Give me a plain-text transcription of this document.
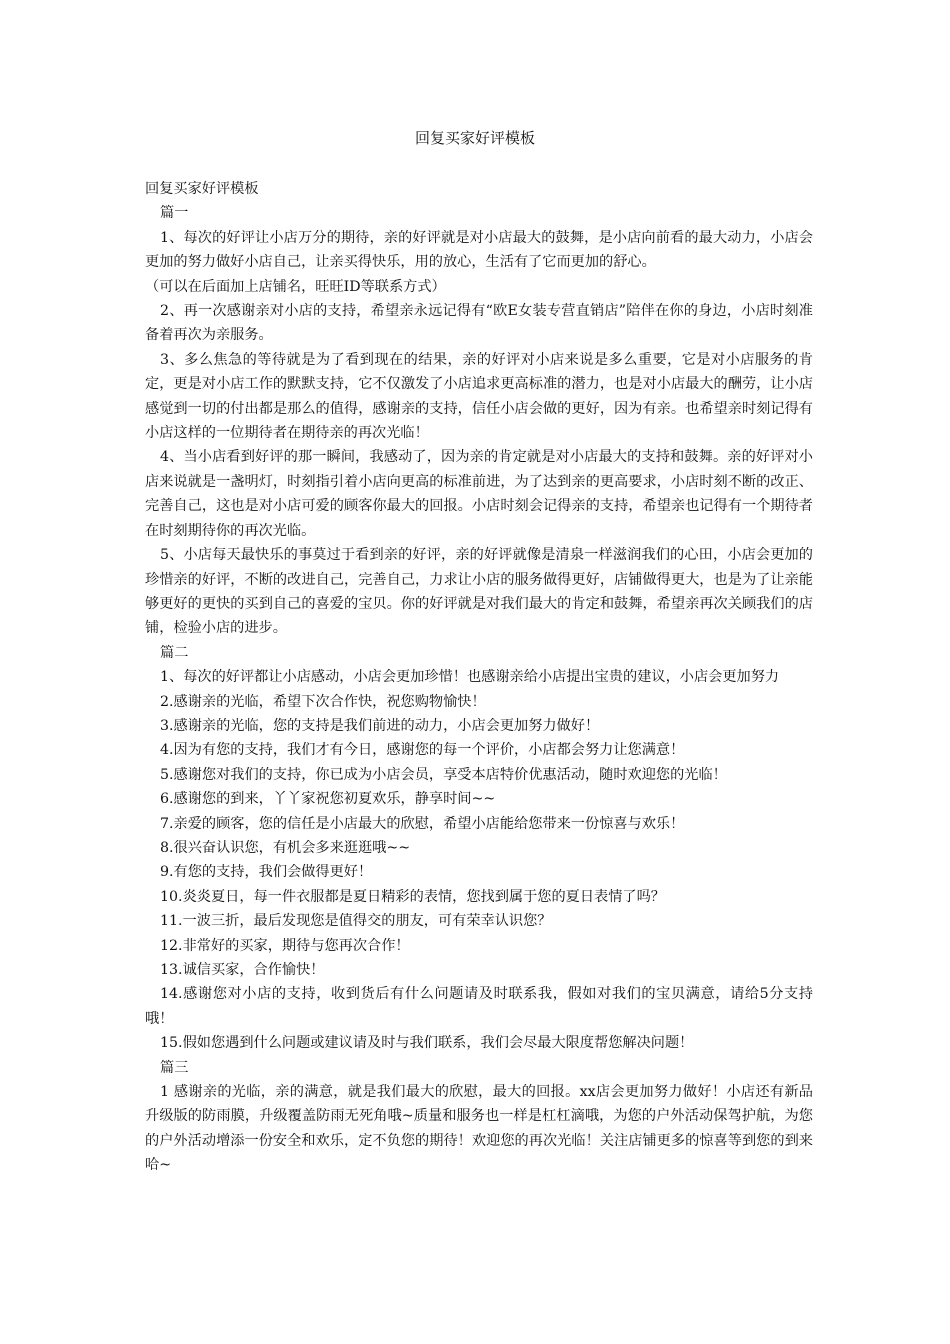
回复买家好评模板

回复买家好评模板

篇一

1、每次的好评让小店万分的期待，亲的好评就是对小店最大的鼓舞，是小店向前看的最大动力，小店会更加的努力做好小店自己，让亲买得快乐，用的放心，生活有了它而更加的舒心。

（可以在后面加上店铺名，旺旺ID等联系方式）

2、再一次感谢亲对小店的支持，希望亲永远记得有“欧E女装专营直销店”陪伴在你的身边，小店时刻准备着再次为亲服务。

3、多么焦急的等待就是为了看到现在的结果，亲的好评对小店来说是多么重要，它是对小店服务的肯定，更是对小店工作的默默支持，它不仅激发了小店追求更高标准的潜力，也是对小店最大的酬劳，让小店感觉到一切的付出都是那么的值得，感谢亲的支持，信任小店会做的更好，因为有亲。也希望亲时刻记得有小店这样的一位期待者在期待亲的再次光临！

4、当小店看到好评的那一瞬间，我感动了，因为亲的肯定就是对小店最大的支持和鼓舞。亲的好评对小店来说就是一盏明灯，时刻指引着小店向更高的标准前进，为了达到亲的更高要求，小店时刻不断的改正、完善自己，这也是对小店可爱的顾客你最大的回报。小店时刻会记得亲的支持，希望亲也记得有一个期待者在时刻期待你的再次光临。

5、小店每天最快乐的事莫过于看到亲的好评，亲的好评就像是清泉一样滋润我们的心田，小店会更加的珍惜亲的好评，不断的改进自己，完善自己，力求让小店的服务做得更好，店铺做得更大，也是为了让亲能够更好的更快的买到自己的喜爱的宝贝。你的好评就是对我们最大的肯定和鼓舞，希望亲再次关顾我们的店铺，检验小店的进步。

篇二

1、每次的好评都让小店感动，小店会更加珍惜！也感谢亲给小店提出宝贵的建议，小店会更加努力

2.感谢亲的光临，希望下次合作快，祝您购物愉快！

3.感谢亲的光临，您的支持是我们前进的动力，小店会更加努力做好！

4.因为有您的支持，我们才有今日，感谢您的每一个评价，小店都会努力让您满意！

5.感谢您对我们的支持，你已成为小店会员，享受本店特价优惠活动，随时欢迎您的光临！

6.感谢您的到来，丫丫家祝您初夏欢乐，静享时间~~

7.亲爱的顾客，您的信任是小店最大的欣慰，希望小店能给您带来一份惊喜与欢乐！

8.很兴奋认识您，有机会多来逛逛哦~~

9.有您的支持，我们会做得更好！

10.炎炎夏日，每一件衣服都是夏日精彩的表情，您找到属于您的夏日表情了吗？

11.一波三折，最后发现您是值得交的朋友，可有荣幸认识您？

12.非常好的买家，期待与您再次合作！

13.诚信买家，合作愉快！

14.感谢您对小店的支持，收到货后有什么问题请及时联系我，假如对我们的宝贝满意，请给5分支持哦！

15.假如您遇到什么问题或建议请及时与我们联系，我们会尽最大限度帮您解决问题！

篇三

1 感谢亲的光临，亲的满意，就是我们最大的欣慰，最大的回报。xx店会更加努力做好！小店还有新品升级版的防雨膜，升级覆盖防雨无死角哦~质量和服务也一样是杠杠滴哦，为您的户外活动保驾护航，为您的户外活动增添一份安全和欢乐，定不负您的期待！欢迎您的再次光临！关注店铺更多的惊喜等到您的到来哈~
